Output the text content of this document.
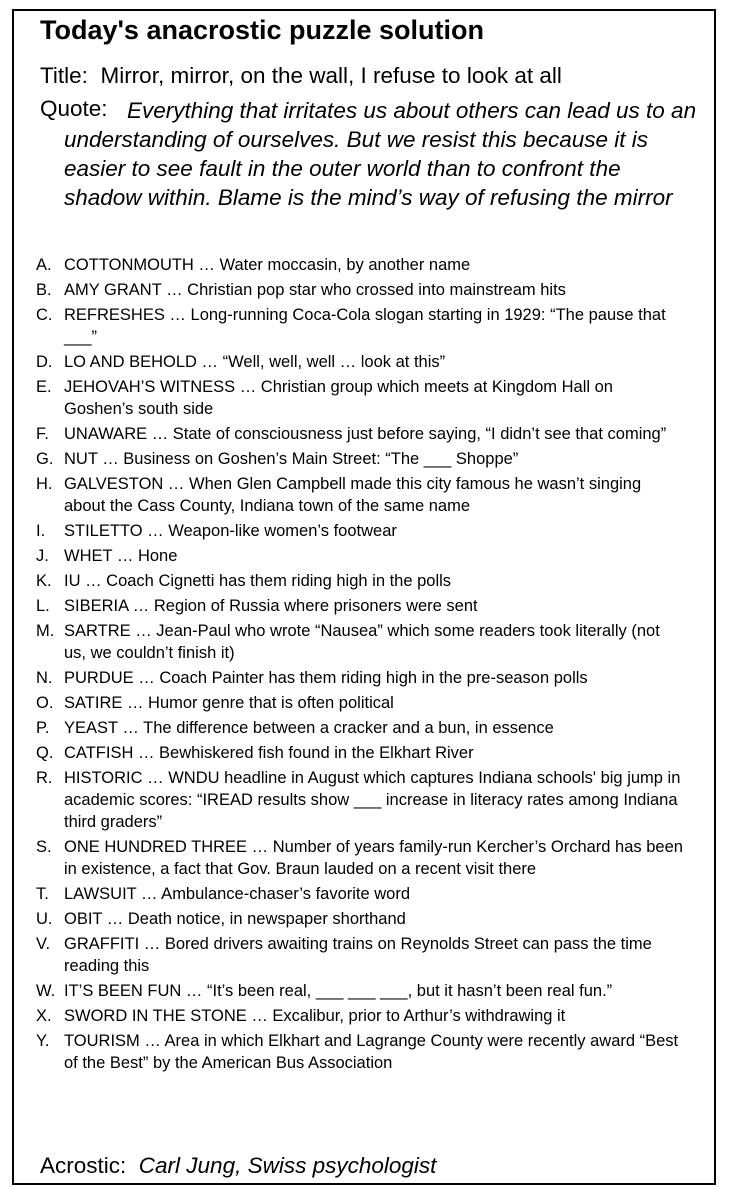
Today's anacrostic puzzle solution
Title: Mirror, mirror, on the wall, I refuse to look at all
Quote: Everything that irritates us about others can lead us to an understanding of ourselves. But we resist this because it is easier to see fault in the outer world than to confront the shadow within. Blame is the mind’s way of refusing the mirror

A. COTTONMOUTH … Water moccasin, by another name
B. AMY GRANT … Christian pop star who crossed into mainstream hits
C. REFRESHES … Long-running Coca-Cola slogan starting in 1929: “The pause that ___”
D. LO AND BEHOLD … “Well, well, well … look at this”
E. JEHOVAH’S WITNESS … Christian group which meets at Kingdom Hall on Goshen’s south side
F. UNAWARE … State of consciousness just before saying, “I didn’t see that coming”
G. NUT … Business on Goshen’s Main Street: “The ___ Shoppe”
H. GALVESTON … When Glen Campbell made this city famous he wasn’t singing about the Cass County, Indiana town of the same name
I. STILETTO … Weapon-like women’s footwear
J. WHET … Hone
K. IU … Coach Cignetti has them riding high in the polls
L. SIBERIA … Region of Russia where prisoners were sent
M. SARTRE … Jean-Paul who wrote “Nausea” which some readers took literally (not us, we couldn’t finish it)
N. PURDUE … Coach Painter has them riding high in the pre-season polls
O. SATIRE … Humor genre that is often political
P. YEAST … The difference between a cracker and a bun, in essence
Q. CATFISH … Bewhiskered fish found in the Elkhart River
R. HISTORIC … WNDU headline in August which captures Indiana schools' big jump in academic scores: “IREAD results show ___ increase in literacy rates among Indiana third graders”
S. ONE HUNDRED THREE … Number of years family-run Kercher’s Orchard has been in existence, a fact that Gov. Braun lauded on a recent visit there
T. LAWSUIT … Ambulance-chaser’s favorite word
U. OBIT … Death notice, in newspaper shorthand
V. GRAFFITI … Bored drivers awaiting trains on Reynolds Street can pass the time reading this
W. IT’S BEEN FUN … “It’s been real, ___ ___ ___, but it hasn’t been real fun.”
X. SWORD IN THE STONE … Excalibur, prior to Arthur’s withdrawing it
Y. TOURISM … Area in which Elkhart and Lagrange County were recently award “Best of the Best” by the American Bus Association
Acrostic: Carl Jung, Swiss psychologist
